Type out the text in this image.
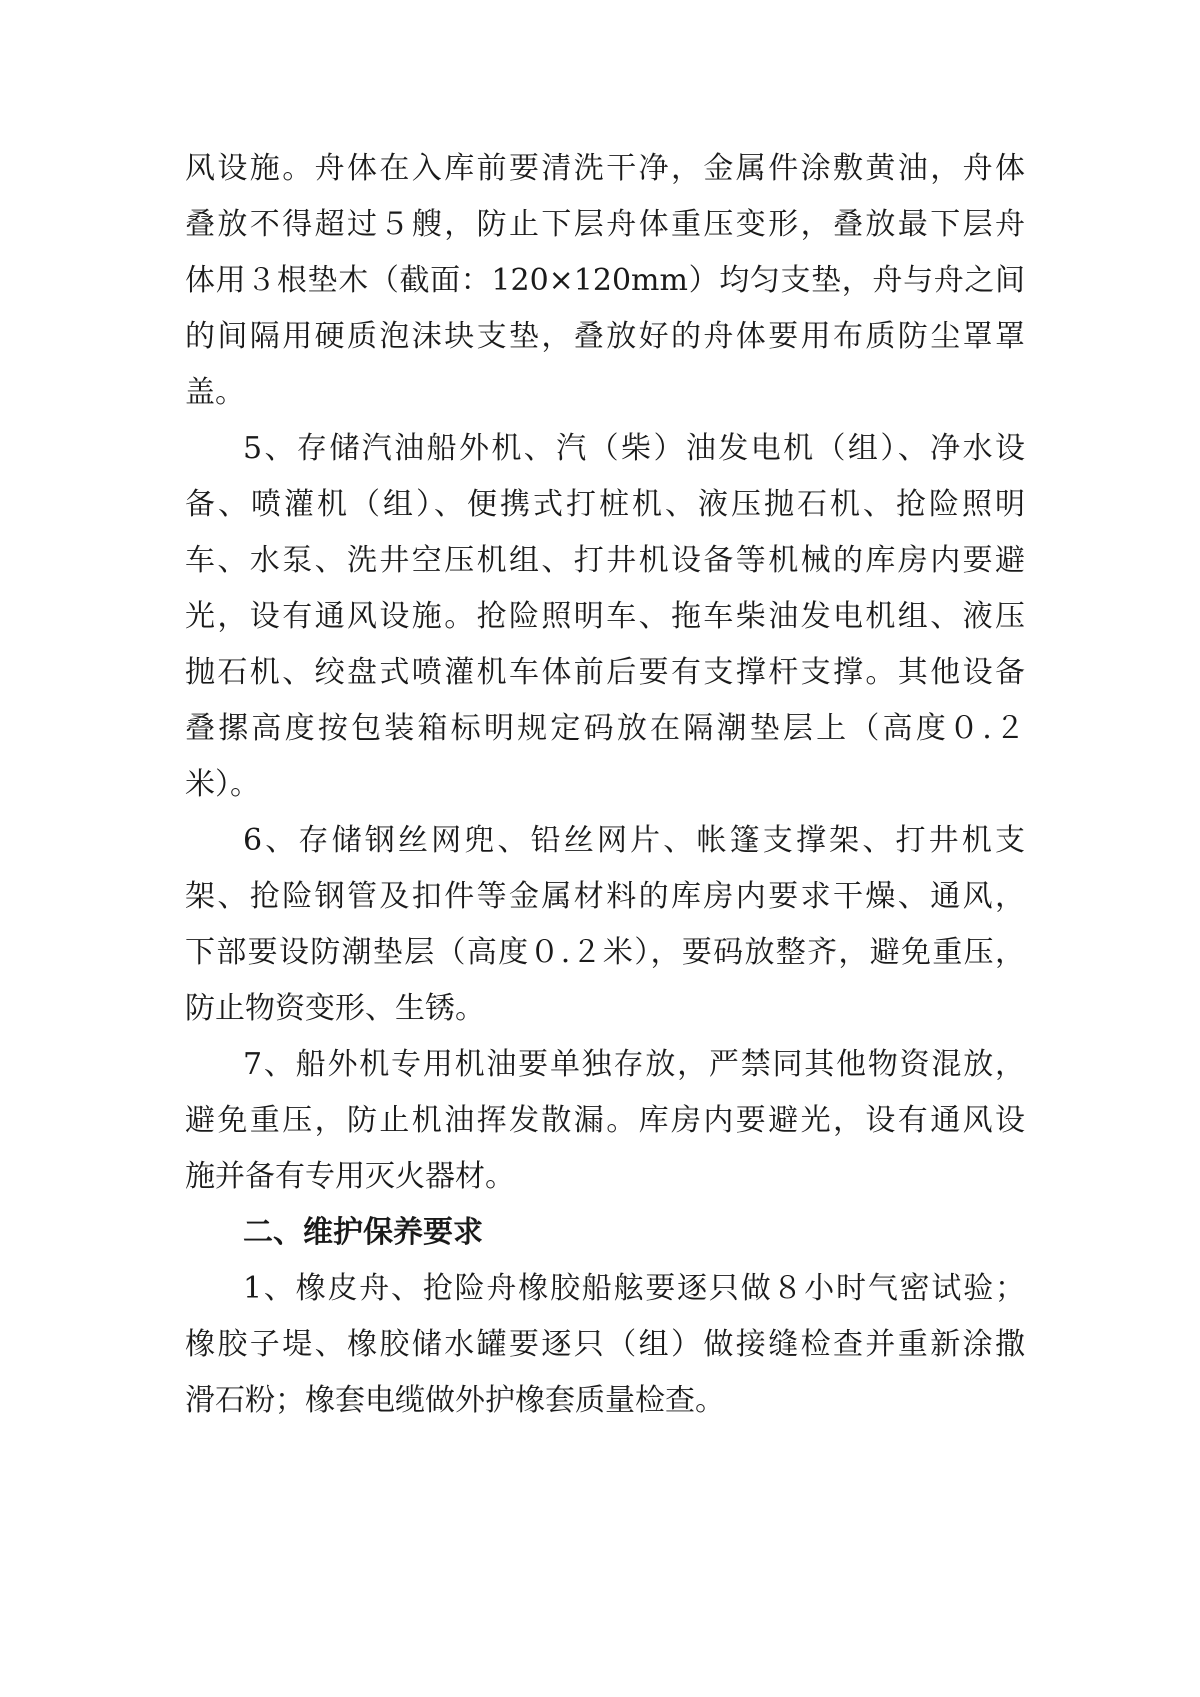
风设施。舟体在入库前要清洗干净，金属件涂敷黄油，舟体
叠放不得超过５艘，防止下层舟体重压变形，叠放最下层舟
体用３根垫木（截面：120×120mm）均匀支垫，舟与舟之间
的间隔用硬质泡沫块支垫，叠放好的舟体要用布质防尘罩罩
盖。
5、存储汽油船外机、汽（柴）油发电机（组）、净水设
备、喷灌机（组）、便携式打桩机、液压抛石机、抢险照明
车、水泵、洗井空压机组、打井机设备等机械的库房内要避
光，设有通风设施。抢险照明车、拖车柴油发电机组、液压
抛石机、绞盘式喷灌机车体前后要有支撑杆支撑。其他设备
叠摞高度按包装箱标明规定码放在隔潮垫层上（高度０.２
米）。
6、存储钢丝网兜、铅丝网片、帐篷支撑架、打井机支
架、抢险钢管及扣件等金属材料的库房内要求干燥、通风，
下部要设防潮垫层（高度０.２米），要码放整齐，避免重压，
防止物资变形、生锈。
7、船外机专用机油要单独存放，严禁同其他物资混放，
避免重压，防止机油挥发散漏。库房内要避光，设有通风设
施并备有专用灭火器材。
二、维护保养要求
1、橡皮舟、抢险舟橡胶船舷要逐只做８小时气密试验；
橡胶子堤、橡胶储水罐要逐只（组）做接缝检查并重新涂撒
滑石粉；橡套电缆做外护橡套质量检查。
